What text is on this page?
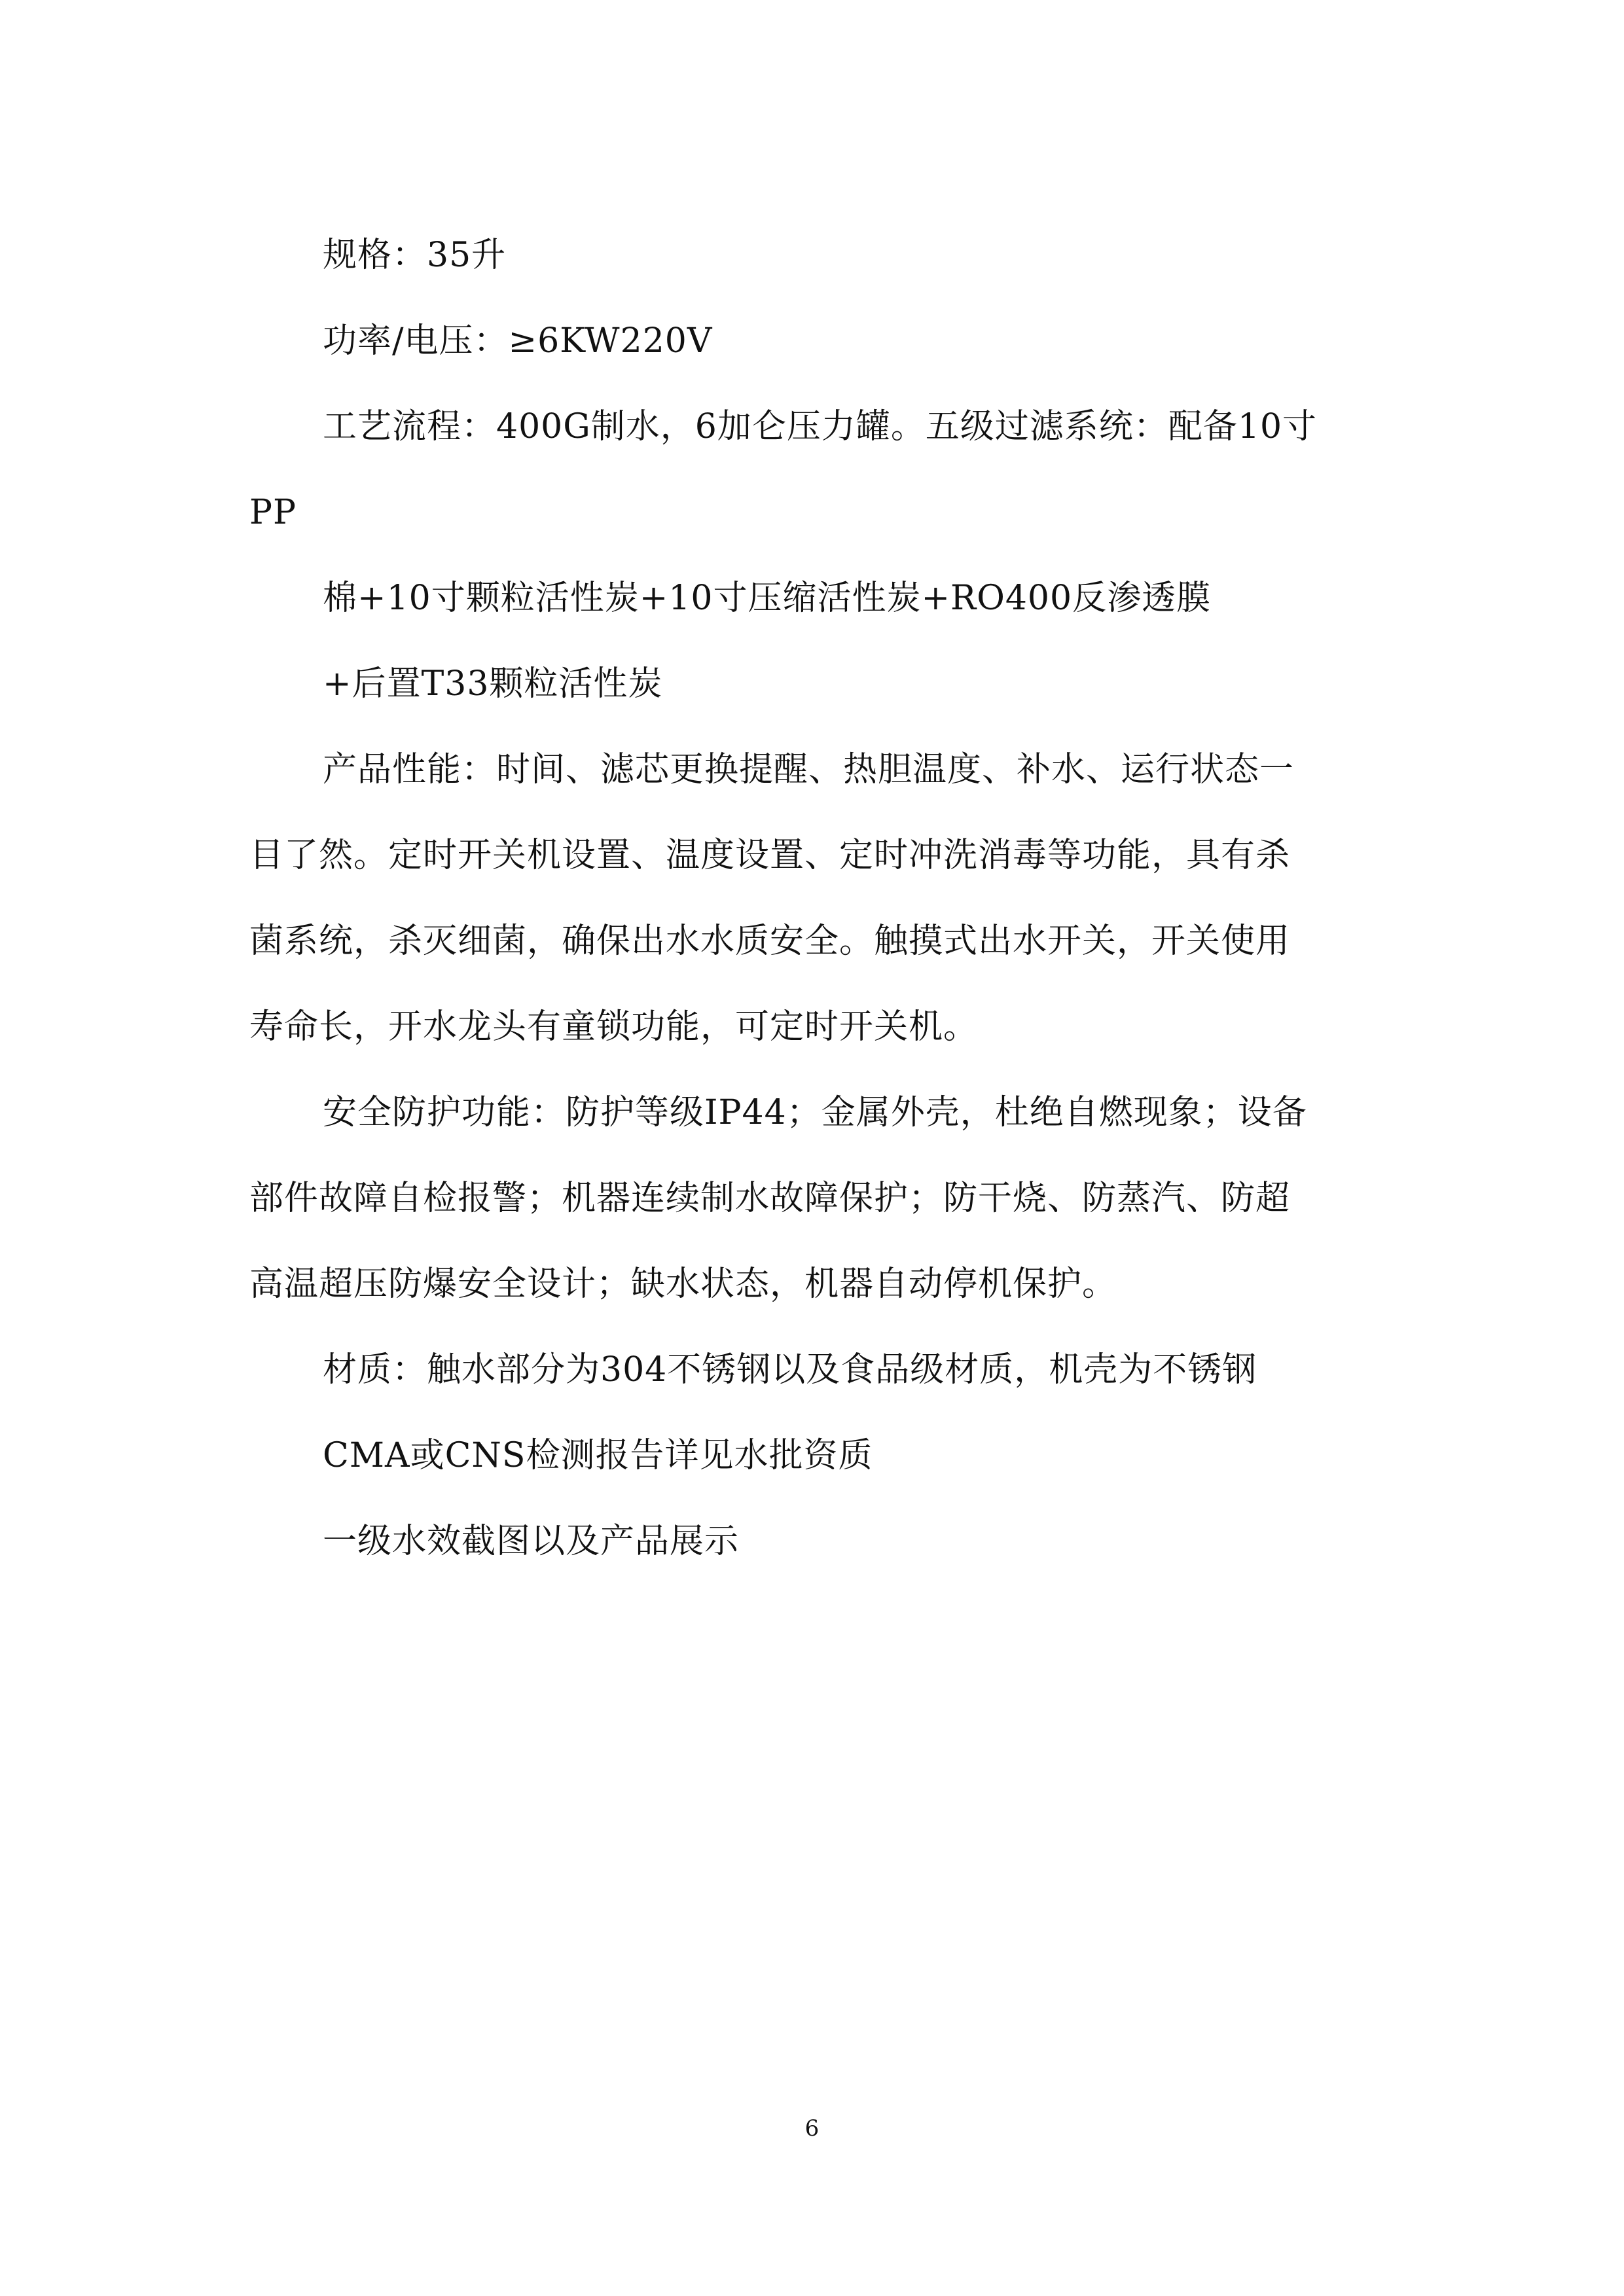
规格：35升
功率/电压：≥6KW220V
工艺流程：400G制水，6加仑压力罐。五级过滤系统：配备10寸
PP
棉+10寸颗粒活性炭+10寸压缩活性炭+RO400反渗透膜
+后置T33颗粒活性炭
产品性能：时间、滤芯更换提醒、热胆温度、补水、运行状态一
目了然。定时开关机设置、温度设置、定时冲洗消毒等功能，具有杀
菌系统，杀灭细菌，确保出水水质安全。触摸式出水开关，开关使用
寿命长，开水龙头有童锁功能，可定时开关机。
安全防护功能：防护等级IP44；金属外壳，杜绝自燃现象；设备
部件故障自检报警；机器连续制水故障保护；防干烧、防蒸汽、防超
高温超压防爆安全设计；缺水状态，机器自动停机保护。
材质：触水部分为304不锈钢以及食品级材质，机壳为不锈钢
CMA或CNS检测报告详见水批资质
一级水效截图以及产品展示
6
